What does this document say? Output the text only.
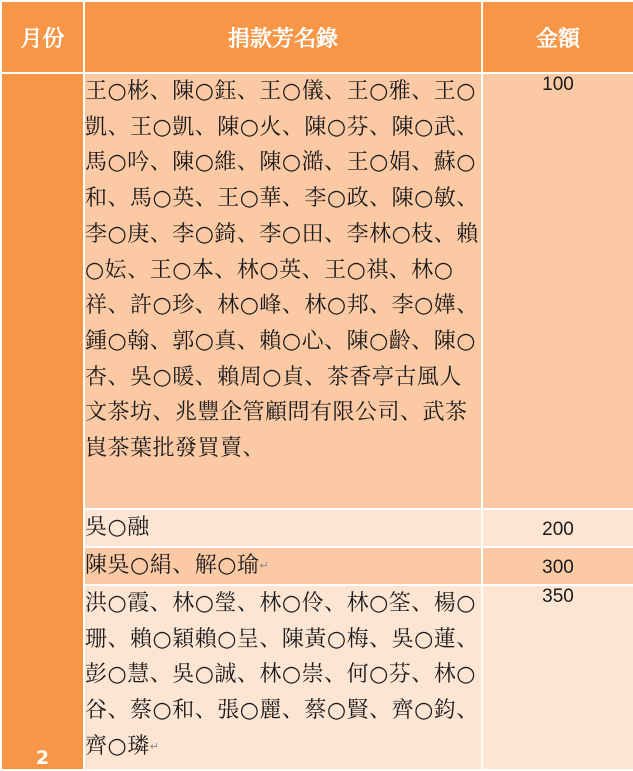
月份	捐款芳名錄	金額
2	王○彬、陳○鈺、王○儀、王○雅、王○凱、王○凱、陳○火、陳○芬、陳○武、馬○吟、陳○維、陳○澔、王○娟、蘇○和、馬○英、王○華、李○政、陳○敏、李○庚、李○錡、李○田、李林○枝、賴○妘、王○本、林○英、王○祺、林○祥、許○珍、林○峰、林○邦、李○嬅、鍾○翰、郭○真、賴○心、陳○齡、陳○杏、吳○暖、賴周○貞、茶香亭古風人文茶坊、兆豐企管顧問有限公司、武茶崀茶葉批發買賣、	100
	吳○融	200
	陳吳○絹、解○瑜↵	300
	洪○霞、林○瑩、林○伶、林○筌、楊○珊、賴○穎賴○呈、陳黃○梅、吳○蓮、彭○慧、吳○誠、林○崇、何○芬、林○谷、蔡○和、張○麗、蔡○賢、齊○鈞、齊○璘↵	350
